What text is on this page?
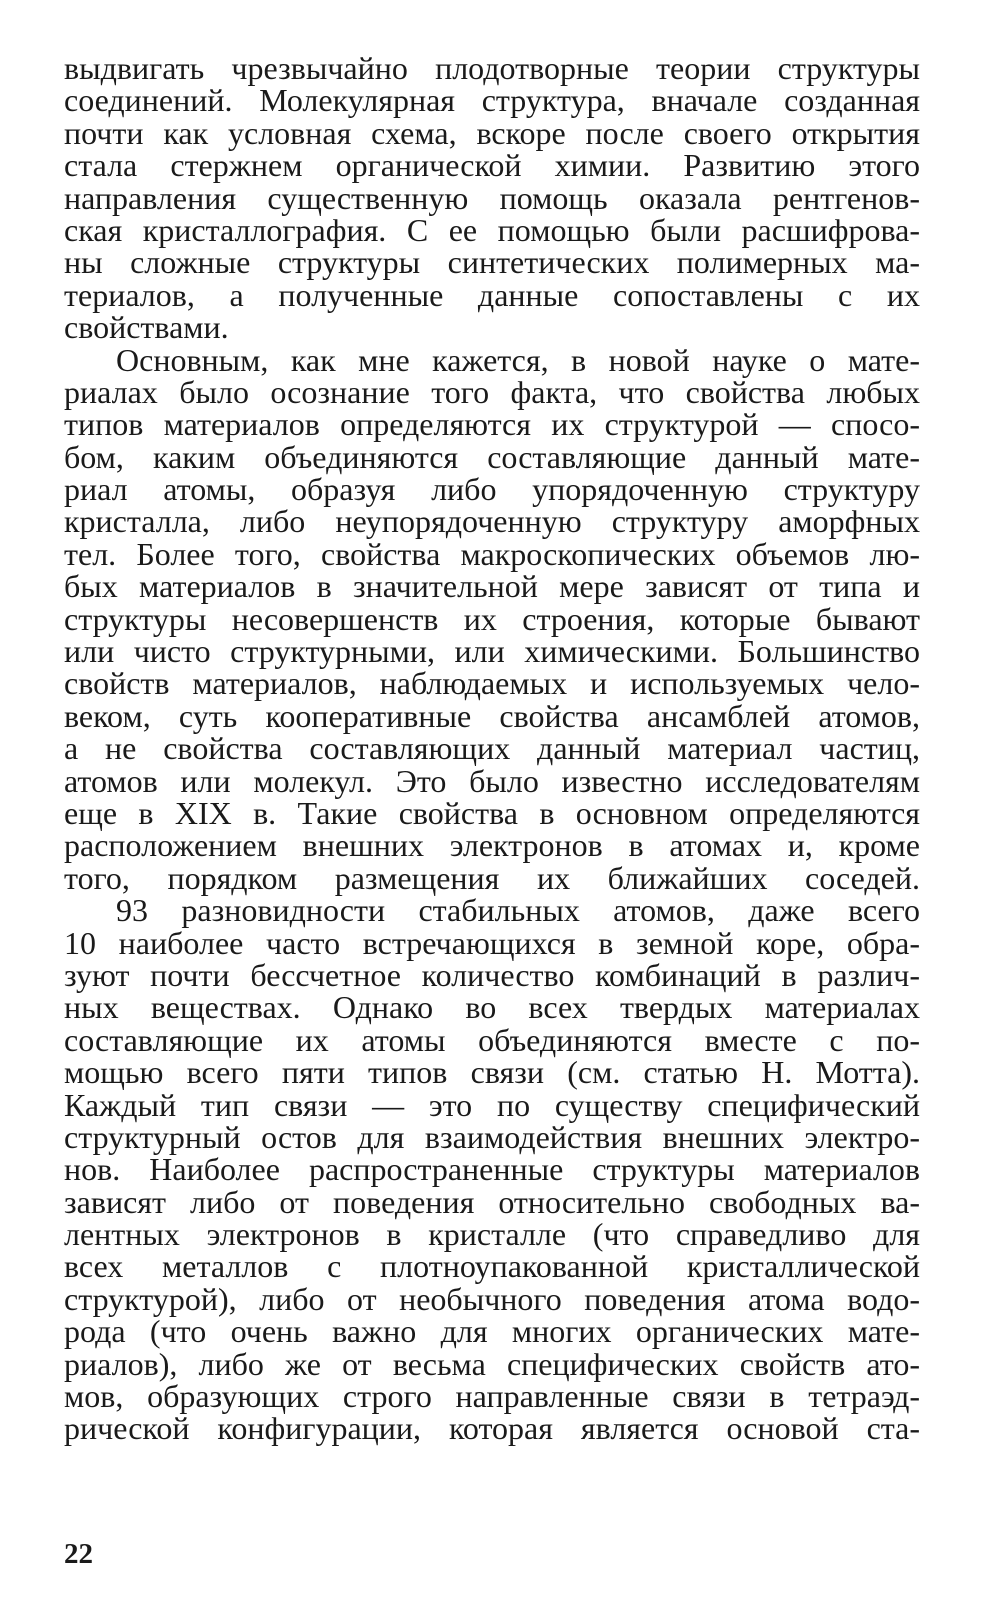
выдвигать чрезвычайно плодотворные теории структуры
соединений. Молекулярная структура, вначале созданная
почти как условная схема, вскоре после своего открытия
стала стержнем органической химии. Развитию этого
направления существенную помощь оказала рентгенов-
ская кристаллография. С ее помощью были расшифрова-
ны сложные структуры синтетических полимерных ма-
териалов, а полученные данные сопоставлены с их
свойствами.
Основным, как мне кажется, в новой науке о мате-
риалах было осознание того факта, что свойства любых
типов материалов определяются их структурой — спосо-
бом, каким объединяются составляющие данный мате-
риал атомы, образуя либо упорядоченную структуру
кристалла, либо неупорядоченную структуру аморфных
тел. Более того, свойства макроскопических объемов лю-
бых материалов в значительной мере зависят от типа и
структуры несовершенств их строения, которые бывают
или чисто структурными, или химическими. Большинство
свойств материалов, наблюдаемых и используемых чело-
веком, суть кооперативные свойства ансамблей атомов,
а не свойства составляющих данный материал частиц,
атомов или молекул. Это было известно исследователям
еще в XIX в. Такие свойства в основном определяются
расположением внешних электронов в атомах и, кроме
того, порядком размещения их ближайших соседей.
93 разновидности стабильных атомов, даже всего
10 наиболее часто встречающихся в земной коре, обра-
зуют почти бессчетное количество комбинаций в различ-
ных веществах. Однако во всех твердых материалах
составляющие их атомы объединяются вместе с по-
мощью всего пяти типов связи (см. статью Н. Мотта).
Каждый тип связи — это по существу специфический
структурный остов для взаимодействия внешних электро-
нов. Наиболее распространенные структуры материалов
зависят либо от поведения относительно свободных ва-
лентных электронов в кристалле (что справедливо для
всех металлов с плотноупакованной кристаллической
структурой), либо от необычного поведения атома водо-
рода (что очень важно для многих органических мате-
риалов), либо же от весьма специфических свойств ато-
мов, образующих строго направленные связи в тетраэд-
рической конфигурации, которая является основой ста-
22
